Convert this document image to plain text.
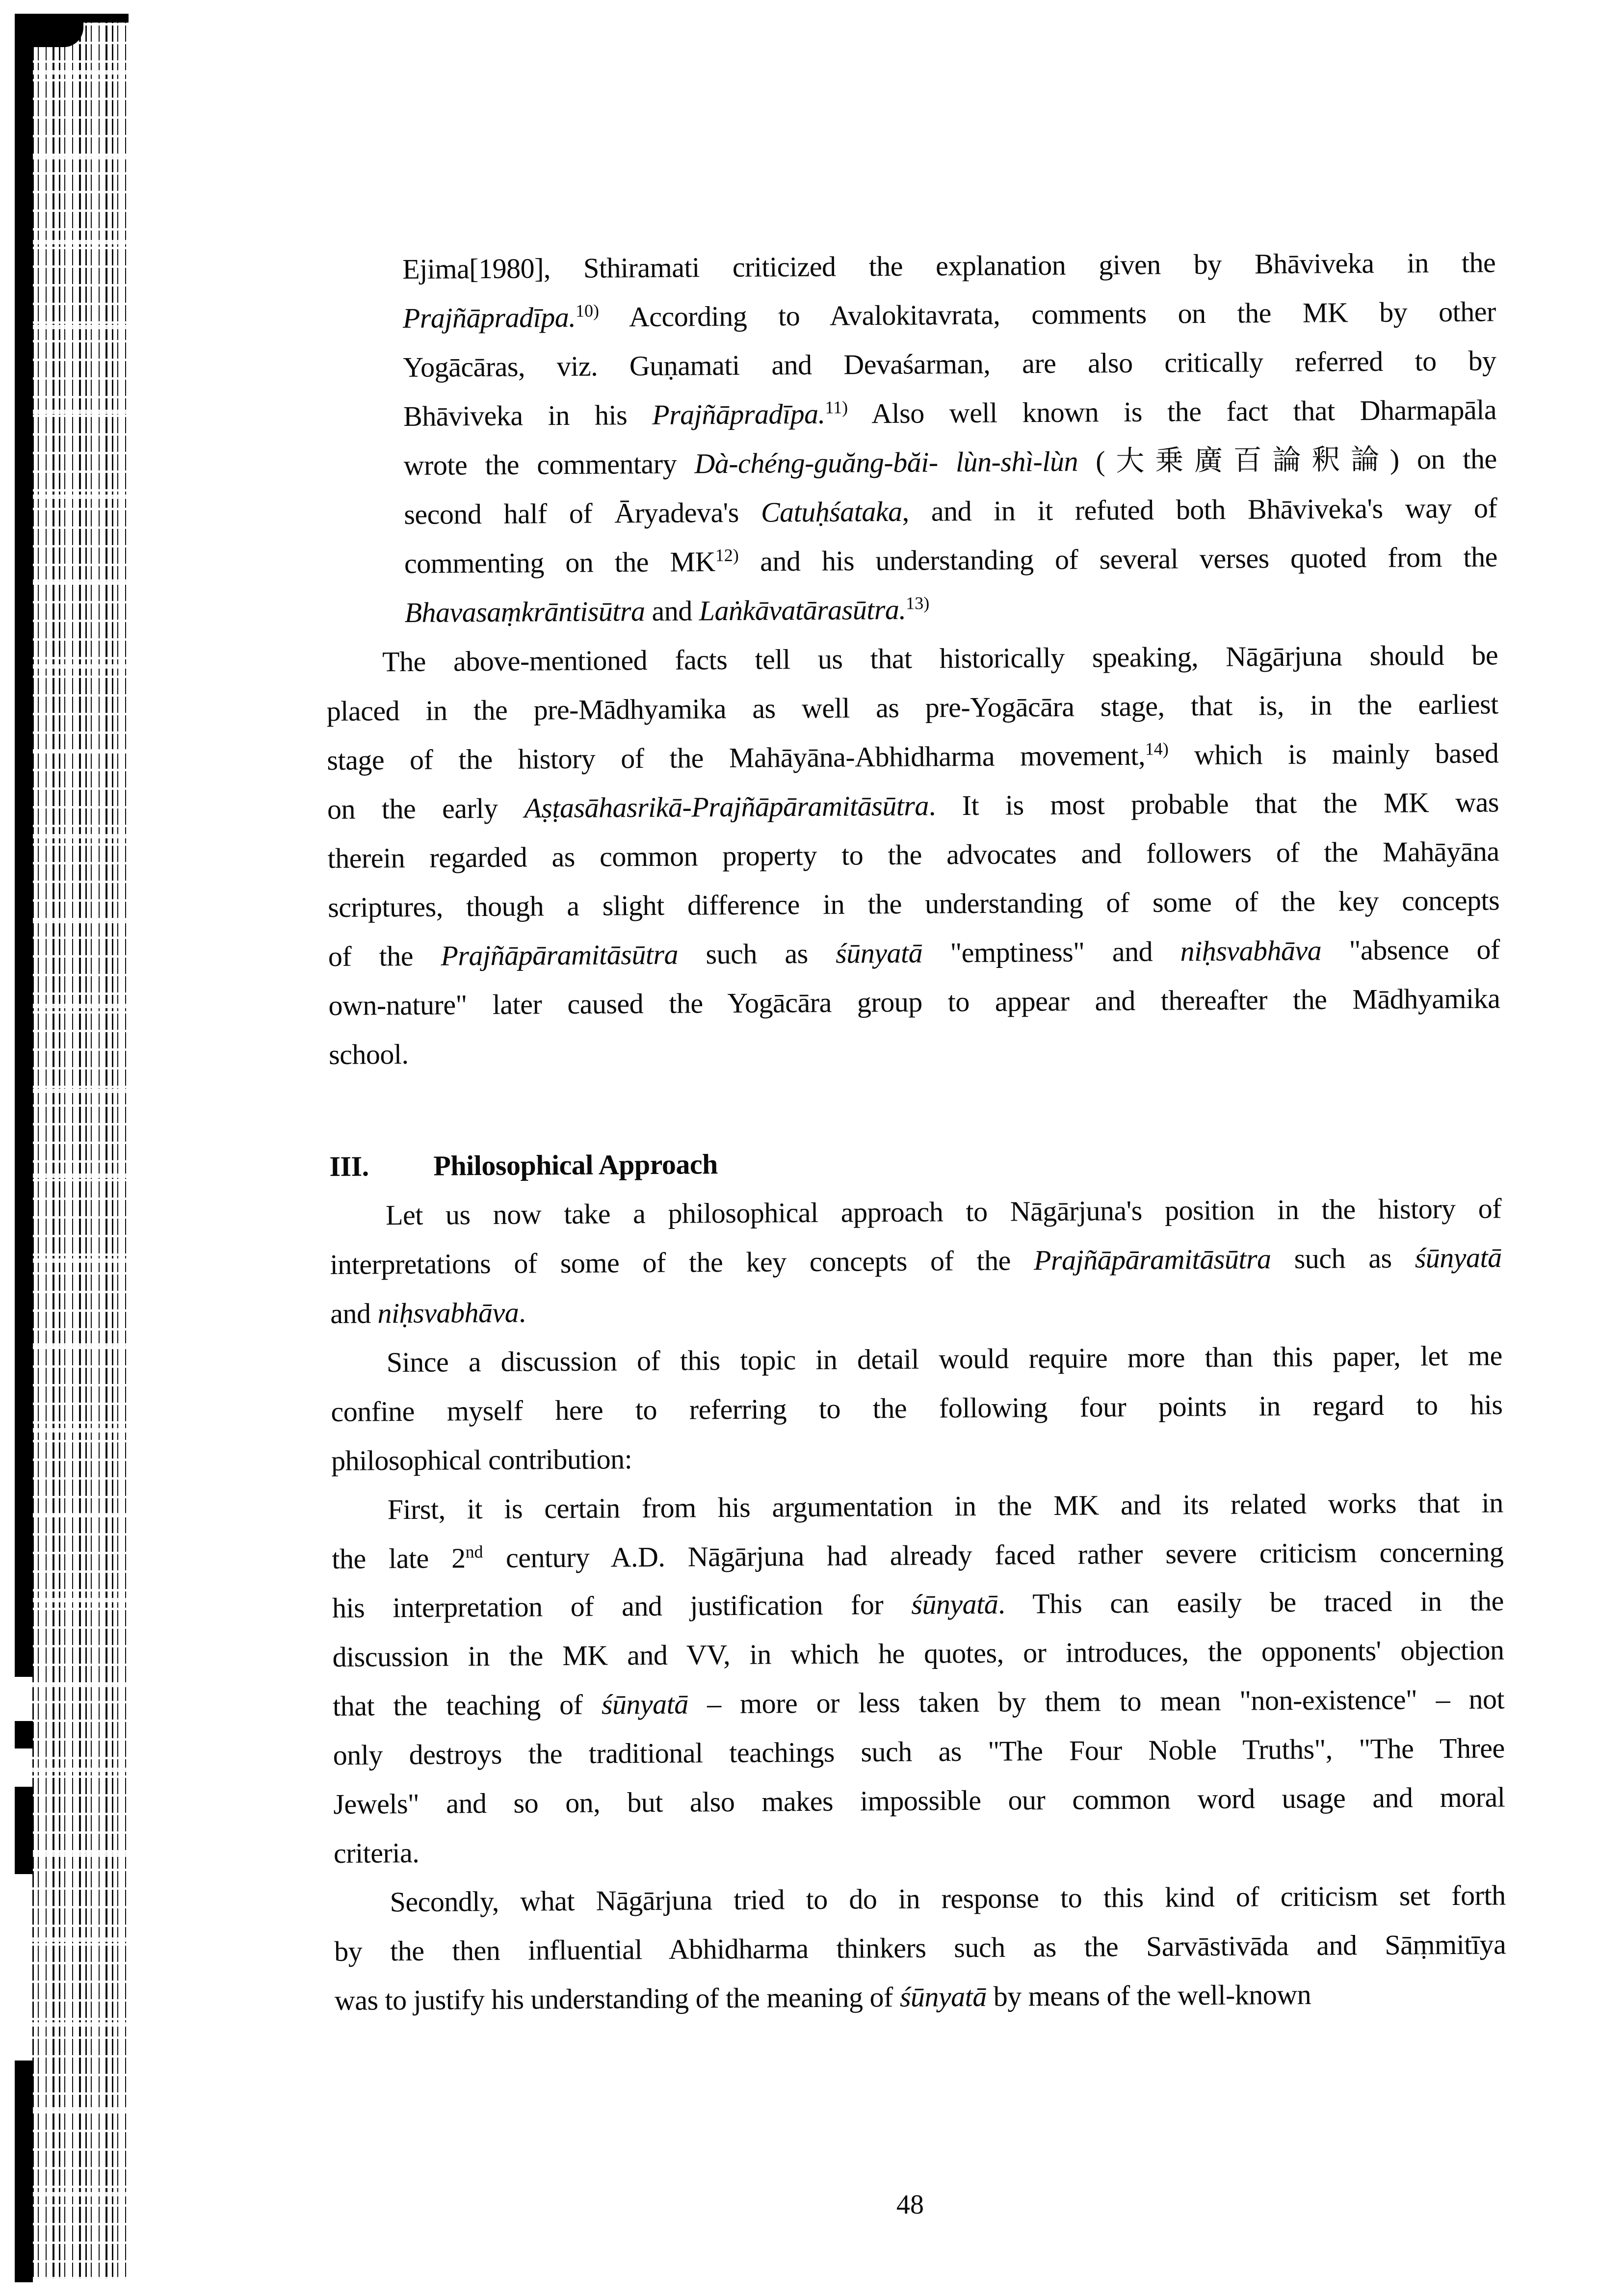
Ejima[1980], Sthiramati criticized the explanation given by Bhāviveka in the
Prajñāpradīpa.$^{10)}$ According to Avalokitavrata, comments on the MK by other
Yogācāras, viz. Guṇamati and Devaśarman, are also critically referred to by
Bhāviveka in his Prajñāpradīpa.$^{11)}$ Also well known is the fact that Dharmapāla
wrote the commentary Dà-chéng-guăng-băi- lùn-shì-lùn (大乗廣百論釈論) on the
second half of Āryadeva's Catuḥśataka, and in it refuted both Bhāviveka's way of
commenting on the MK$^{12)}$ and his understanding of several verses quoted from the
Bhavasaṃkrāntisūtra and Laṅkāvatārasūtra.$^{13)}$
The above-mentioned facts tell us that historically speaking, Nāgārjuna should be
placed in the pre-Mādhyamika as well as pre-Yogācāra stage, that is, in the earliest
stage of the history of the Mahāyāna-Abhidharma movement,$^{14)}$ which is mainly based
on the early Aṣṭasāhasrikā-Prajñāpāramitāsūtra. It is most probable that the MK was
therein regarded as common property to the advocates and followers of the Mahāyāna
scriptures, though a slight difference in the understanding of some of the key concepts
of the Prajñāpāramitāsūtra such as śūnyatā "emptiness" and niḥsvabhāva "absence of
own-nature" later caused the Yogācāra group to appear and thereafter the Mādhyamika
school.
III.	Philosophical Approach
Let us now take a philosophical approach to Nāgārjuna's position in the history of
interpretations of some of the key concepts of the Prajñāpāramitāsūtra such as śūnyatā
and niḥsvabhāva.
Since a discussion of this topic in detail would require more than this paper, let me
confine myself here to referring to the following four points in regard to his
philosophical contribution:
First, it is certain from his argumentation in the MK and its related works that in
the late 2nd century A.D. Nāgārjuna had already faced rather severe criticism concerning
his interpretation of and justification for śūnyatā. This can easily be traced in the
discussion in the MK and VV, in which he quotes, or introduces, the opponents' objection
that the teaching of śūnyatā – more or less taken by them to mean "non-existence" – not
only destroys the traditional teachings such as "The Four Noble Truths", "The Three
Jewels" and so on, but also makes impossible our common word usage and moral
criteria.
Secondly, what Nāgārjuna tried to do in response to this kind of criticism set forth
by the then influential Abhidharma thinkers such as the Sarvāstivāda and Sāṃmitīya
was to justify his understanding of the meaning of śūnyatā by means of the well-known
48
